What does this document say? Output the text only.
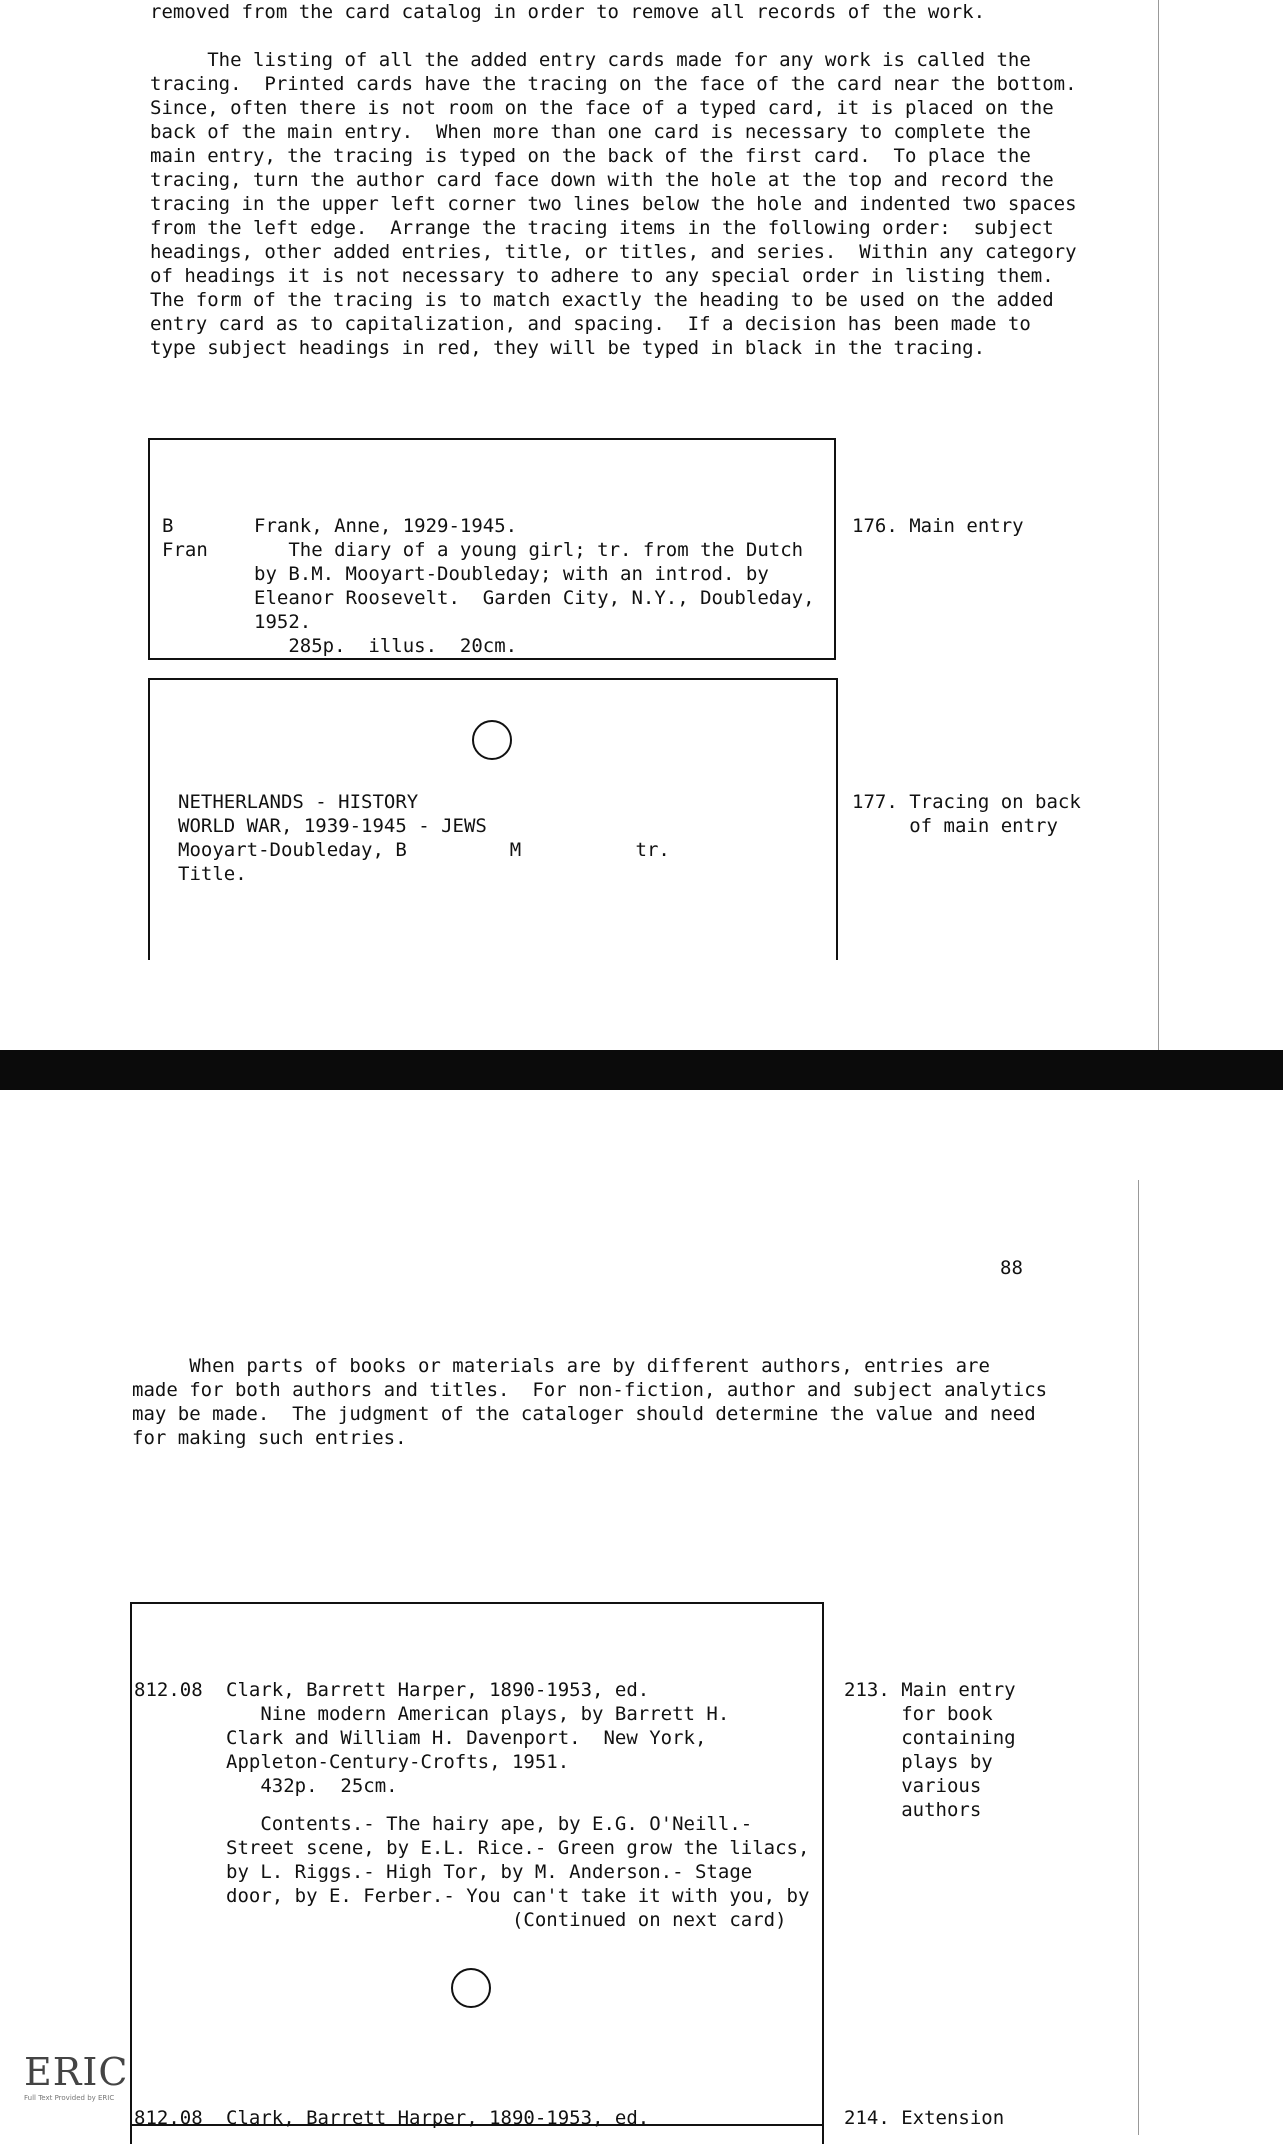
removed from the card catalog in order to remove all records of the work.
The listing of all the added entry cards made for any work is called the
tracing.  Printed cards have the tracing on the face of the card near the bottom.
Since, often there is not room on the face of a typed card, it is placed on the
back of the main entry.  When more than one card is necessary to complete the
main entry, the tracing is typed on the back of the first card.  To place the
tracing, turn the author card face down with the hole at the top and record the
tracing in the upper left corner two lines below the hole and indented two spaces
from the left edge.  Arrange the tracing items in the following order:  subject
headings, other added entries, title, or titles, and series.  Within any category
of headings it is not necessary to adhere to any special order in listing them.
The form of the tracing is to match exactly the heading to be used on the added
entry card as to capitalization, and spacing.  If a decision has been made to
type subject headings in red, they will be typed in black in the tracing.
B
Fran
Frank, Anne, 1929-1945.
The diary of a young girl; tr. from the Dutch
by B.M. Mooyart-Doubleday; with an introd. by
Eleanor Roosevelt.  Garden City, N.Y., Doubleday,
1952.
285p.  illus.  20cm.
176. Main entry
NETHERLANDS - HISTORY
WORLD WAR, 1939-1945 - JEWS
Mooyart-Doubleday, B         M          tr.
Title.
177. Tracing on back
of main entry
88
When parts of books or materials are by different authors, entries are
made for both authors and titles.  For non-fiction, author and subject analytics
may be made.  The judgment of the cataloger should determine the value and need
for making such entries.
812.08 Clark, Barrett Harper, 1890-1953, ed.
Nine modern American plays, by Barrett H.
Clark and William H. Davenport.  New York,
Appleton-Century-Crofts, 1951.
432p.  25cm.
Contents.- The hairy ape, by E.G. O'Neill.-
Street scene, by E.L. Rice.- Green grow the lilacs,
by L. Riggs.- High Tor, by M. Anderson.- Stage
door, by E. Ferber.- You can't take it with you, by
(Continued on next card)
213. Main entry
for book
containing
plays by
various
authors
812.08 Clark, Barrett Harper, 1890-1953, ed.	214. Extension
ERIC
Full Text Provided by ERIC
